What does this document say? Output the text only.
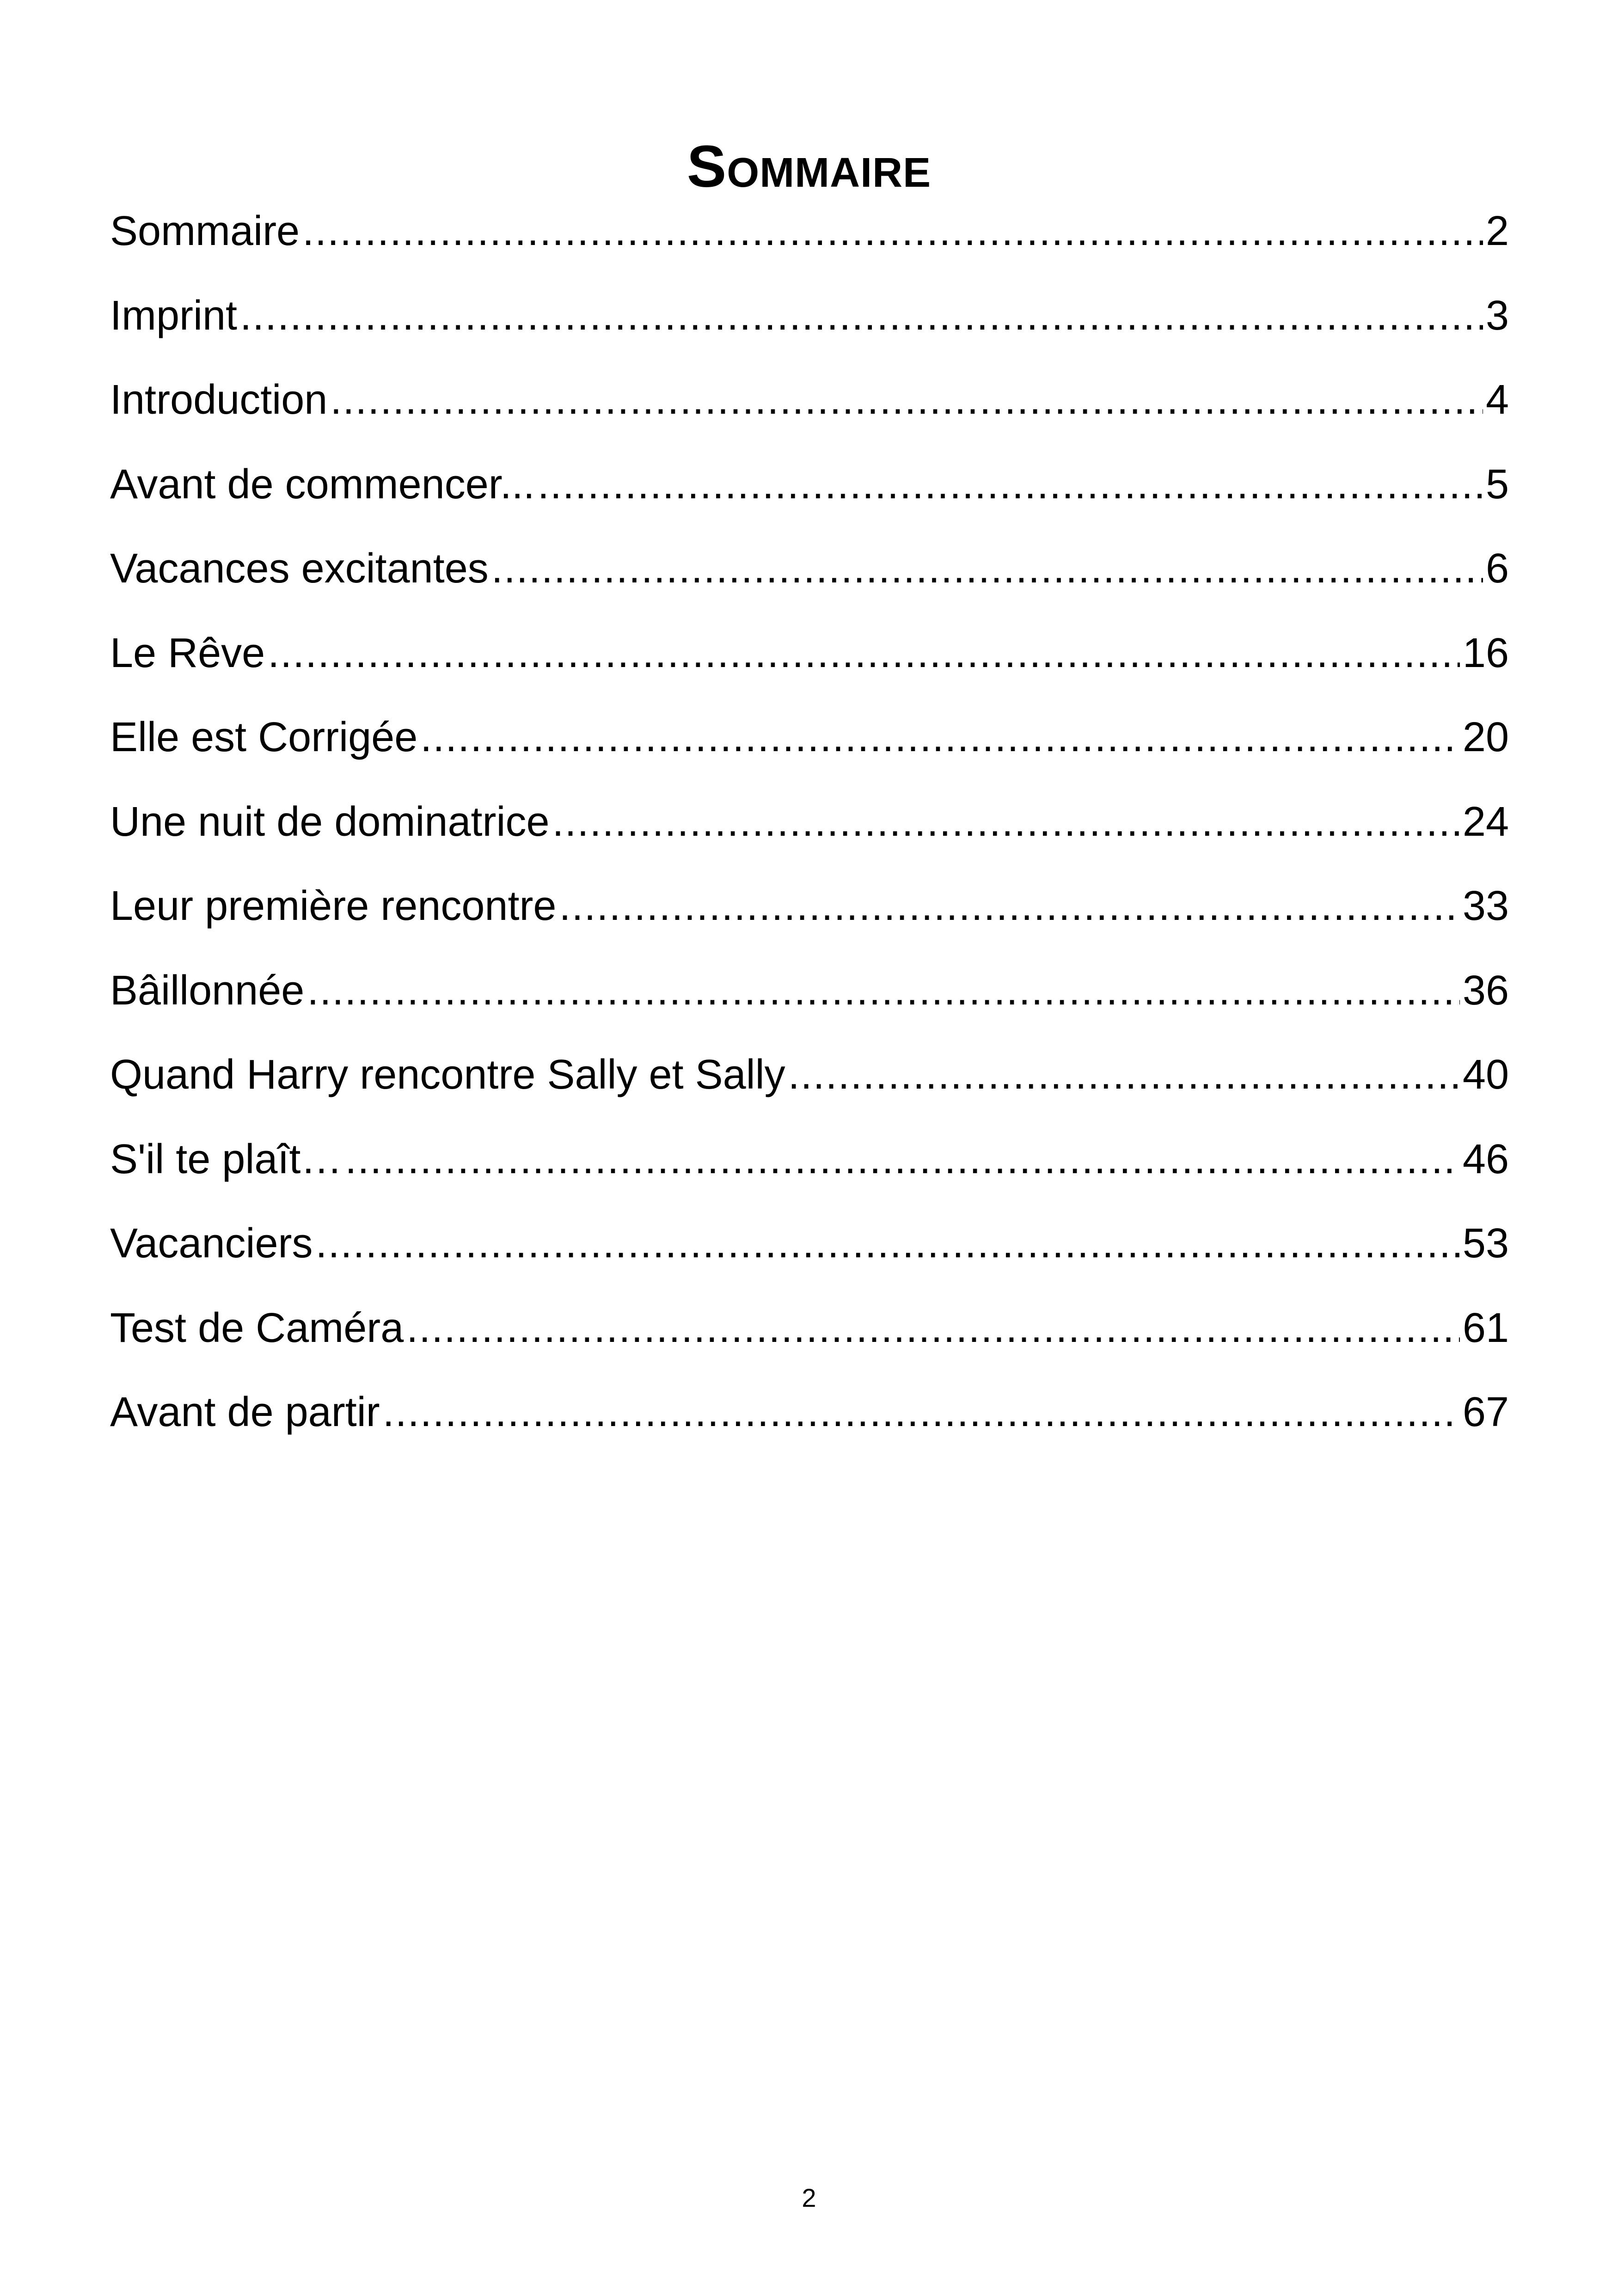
Sommaire
Sommaire .....	2
Imprint .....	3
Introduction .....	4
Avant de commencer... .....	5
Vacances excitantes .....	6
Le Rêve .....	16
Elle est Corrigée .....	20
Une nuit de dominatrice .....	24
Leur première rencontre .....	33
Bâillonnée .....	36
Quand Harry rencontre Sally et Sally .....	40
S'il te plaît… .....	46
Vacanciers .....	53
Test de Caméra .....	61
Avant de partir .....	67
2
